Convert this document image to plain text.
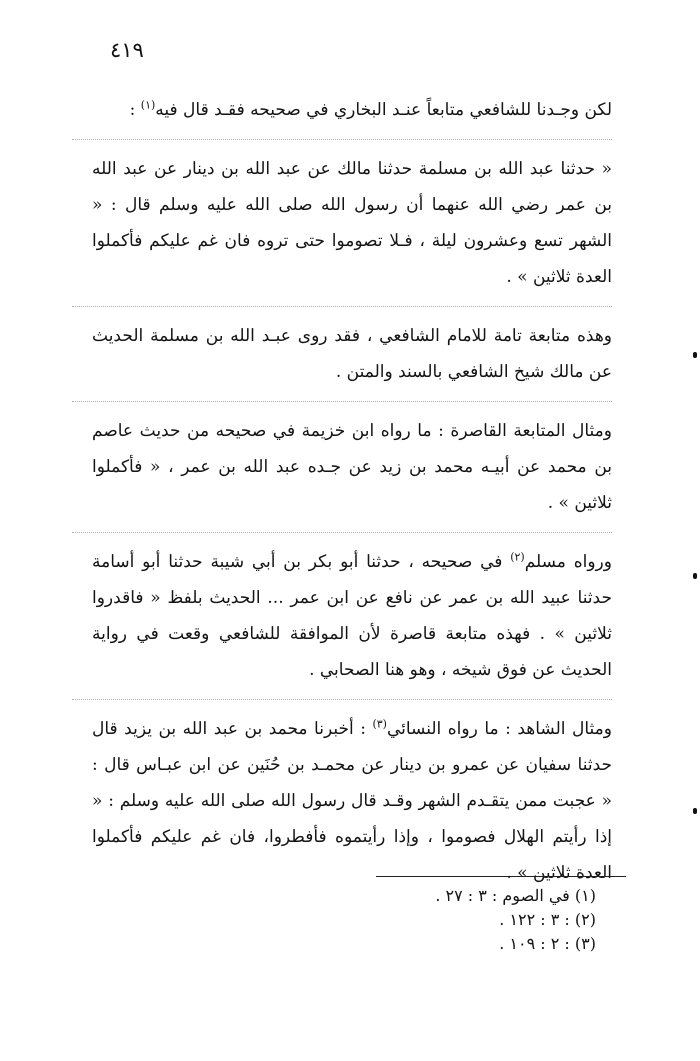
٤١٩

لكن وجـدنا للشافعي متابعاً عنـد البخاري في صحيحه فقـد قال فيه$^{(١)}$ :

« حدثنا عبد الله بن مسلمة حدثنا مالك عن عبد الله بن دينار عن عبد الله بن عمر رضي الله عنهما أن رسول الله صلى الله عليه وسلم قال : « الشهر تسع وعشرون ليلة ، فـلا تصوموا حتى تروه فان غم عليكم فأكملوا العدة ثلاثين » .

وهذه متابعة تامة للامام الشافعي ، فقد روى عبـد الله بن مسلمة الحديث عن مالك شيخ الشافعي بالسند والمتن .

ومثال المتابعة القاصرة : ما رواه ابن خزيمة في صحيحه من حديث عاصم بن محمد عن أبيـه محمد بن زيد عن جـده عبد الله بن عمر ، « فأكملوا ثلاثين » .

ورواه مسلم$^{(٢)}$ في صحيحه ، حدثنا أبو بكر بن أبي شيبة حدثنا أبو أسامة حدثنا عبيد الله بن عمر عن نافع عن ابن عمر ... الحديث بلفظ « فاقدروا ثلاثين » . فهذه متابعة قاصرة لأن الموافقة للشافعي وقعت في رواية الحديث عن فوق شيخه ، وهو هنا الصحابي .

ومثال الشاهد : ما رواه النسائي$^{(٣)}$ : أخبرنا محمد بن عبد الله بن يزيد قال حدثنا سفيان عن عمرو بن دينار عن محمـد بن حُنَين عن ابن عبـاس قال : « عجبت ممن يتقـدم الشهر وقـد قال رسول الله صلى الله عليه وسلم : « إذا رأيتم الهلال فصوموا ، وإذا رأيتموه فأفطروا، فان غم عليكم فأكملوا العدة ثلاثين » .

(١) في الصوم : ٣ : ٢٧ .

(٢) : ٣ : ١٢٢ .

(٣) : ٢ : ١٠٩ .
